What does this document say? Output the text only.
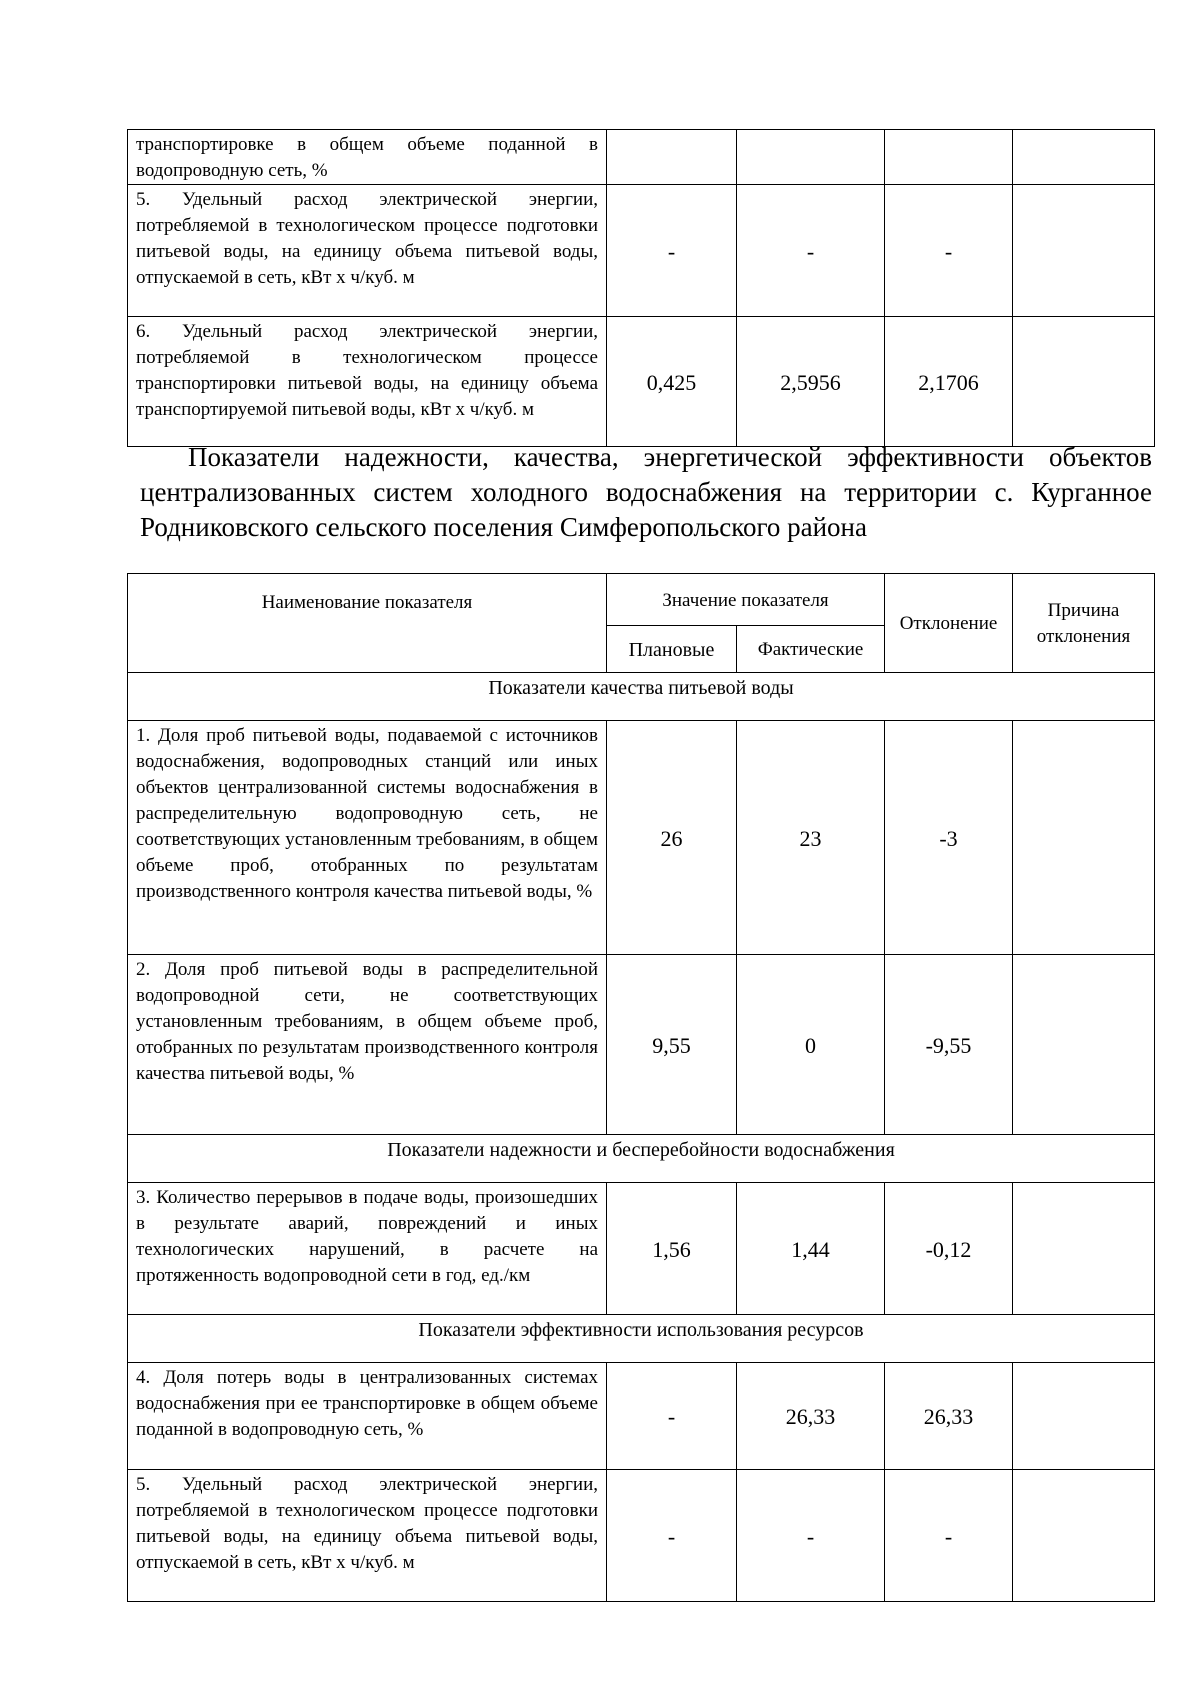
транспортировке в общем объеме поданной в водопроводную сеть, %				
5. Удельный расход электрической энергии, потребляемой в технологическом процессе подготовки питьевой воды, на единицу объема питьевой воды, отпускаемой в сеть, кВт х ч/куб. м	-	-	-	
6. Удельный расход электрической энергии, потребляемой в технологическом процессе транспортировки питьевой воды, на единицу объема транспортируемой питьевой воды, кВт х ч/куб. м	0,425	2,5956	2,1706	
Показатели надежности, качества, энергетической эффективности объектов централизованных систем холодного водоснабжения на территории с. Курганное Родниковского сельского поселения Симферопольского района
Наименование показателя	Значение показателя		Отклонение	Причина отклонения
	Плановые	Фактические		
Показатели качества питьевой воды				
1. Доля проб питьевой воды, подаваемой с источников водоснабжения, водопроводных станций или иных объектов централизованной системы водоснабжения в распределительную водопроводную сеть, не соответствующих установленным требованиям, в общем объеме проб, отобранных по результатам производственного контроля качества питьевой воды, %	26	23	-3	
2. Доля проб питьевой воды в распределительной водопроводной сети, не соответствующих установленным требованиям, в общем объеме проб, отобранных по результатам производственного контроля качества питьевой воды, %	9,55	0	-9,55	
Показатели надежности и бесперебойности водоснабжения				
3. Количество перерывов в подаче воды, произошедших в результате аварий, повреждений и иных технологических нарушений, в расчете на протяженность водопроводной сети в год, ед./км	1,56	1,44	-0,12	
Показатели эффективности использования ресурсов				
4. Доля потерь воды в централизованных системах водоснабжения при ее транспортировке в общем объеме поданной в водопроводную сеть, %	-	26,33	26,33	
5. Удельный расход электрической энергии, потребляемой в технологическом процессе подготовки питьевой воды, на единицу объема питьевой воды, отпускаемой в сеть, кВт х ч/куб. м	-	-	-	
